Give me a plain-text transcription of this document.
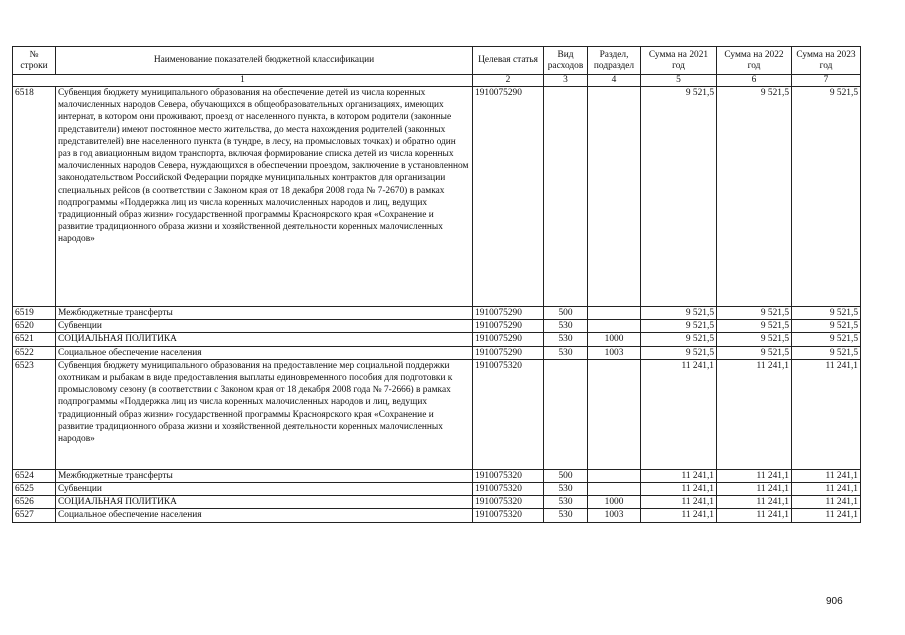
№ строки	Наименование показателей бюджетной классификации	Целевая статья	Вид расходов	Раздел, подраздел	Сумма на 2021 год	Сумма на 2022 год	Сумма на 2023 год
1		2	3	4	5	6	7
6518	Субвенция бюджету муниципального образования на обеспечение детей из числа коренных малочисленных народов Севера, обучающихся в общеобразовательных организациях, имеющих интернат, в котором они проживают, проезд от населенного пункта, в котором родители (законные представители) имеют постоянное место жительства, до места нахождения родителей (законных представителей) вне населенного пункта (в тундре, в лесу, на промысловых точках) и обратно один раз в год авиационным видом транспорта, включая формирование списка детей из числа коренных малочисленных народов Севера, нуждающихся в обеспечении проездом, заключение в установленном законодательством Российской Федерации порядке муниципальных контрактов для организации специальных рейсов (в соответствии с Законом края от 18 декабря 2008 года № 7-2670) в рамках подпрограммы «Поддержка лиц из числа коренных малочисленных народов и лиц, ведущих традиционный образ жизни» государственной программы Красноярского края «Сохранение и развитие традиционного образа жизни и хозяйственной деятельности коренных малочисленных народов»	1910075290			9 521,5	9 521,5	9 521,5
6519	Межбюджетные трансферты	1910075290	500		9 521,5	9 521,5	9 521,5
6520	Субвенции	1910075290	530		9 521,5	9 521,5	9 521,5
6521	СОЦИАЛЬНАЯ ПОЛИТИКА	1910075290	530	1000	9 521,5	9 521,5	9 521,5
6522	Социальное обеспечение населения	1910075290	530	1003	9 521,5	9 521,5	9 521,5
6523	Субвенция бюджету муниципального образования на предоставление мер социальной поддержки охотникам и рыбакам в виде предоставления выплаты единовременного пособия для подготовки к промысловому сезону (в соответствии с Законом края от 18 декабря 2008 года № 7-2666) в рамках подпрограммы «Поддержка лиц из числа коренных малочисленных народов и лиц, ведущих традиционный образ жизни» государственной программы Красноярского края «Сохранение и развитие традиционного образа жизни и хозяйственной деятельности коренных малочисленных народов»	1910075320			11 241,1	11 241,1	11 241,1
6524	Межбюджетные трансферты	1910075320	500		11 241,1	11 241,1	11 241,1
6525	Субвенции	1910075320	530		11 241,1	11 241,1	11 241,1
6526	СОЦИАЛЬНАЯ ПОЛИТИКА	1910075320	530	1000	11 241,1	11 241,1	11 241,1
6527	Социальное обеспечение населения	1910075320	530	1003	11 241,1	11 241,1	11 241,1
906
